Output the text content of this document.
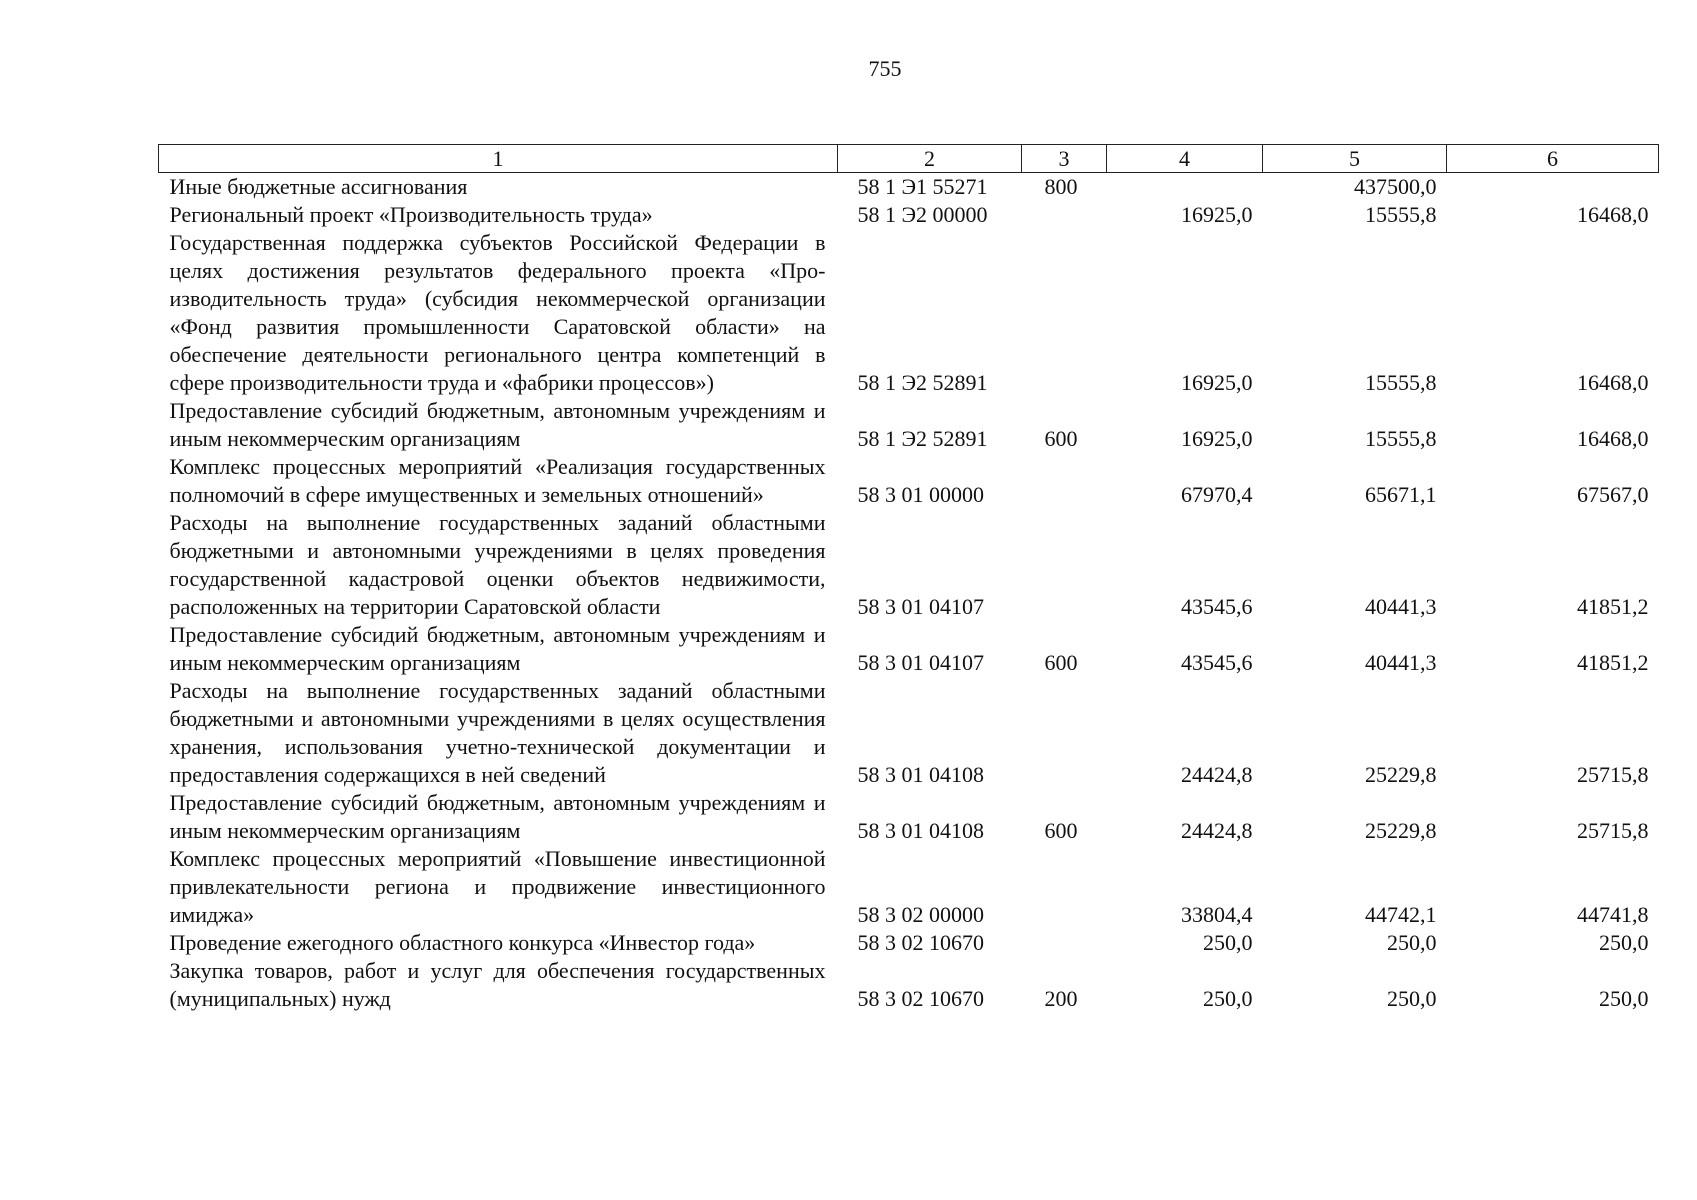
755
1	2	3	4	5	6
Иные бюджетные ассигнования	58 1 Э1 55271	800		437500,0	
Региональный проект «Производительность труда»	58 1 Э2 00000		16925,0	15555,8	16468,0
Государственная поддержка субъектов Российской Федерации в целях достижения результатов федерального проекта «Производительность труда» (субсидия некоммерческой организации «Фонд развития промышленности Саратовской области» на обеспечение деятельности регионального центра компетенций в сфере производительности труда и «фабрики процессов»)	58 1 Э2 52891		16925,0	15555,8	16468,0
Предоставление субсидий бюджетным, автономным учреждениям и иным некоммерческим организациям	58 1 Э2 52891	600	16925,0	15555,8	16468,0
Комплекс процессных мероприятий «Реализация государственных полномочий в сфере имущественных и земельных отношений»	58 3 01 00000		67970,4	65671,1	67567,0
Расходы на выполнение государственных заданий областными бюджетными и автономными учреждениями в целях проведения государственной кадастровой оценки объектов недвижимости, расположенных на территории Саратовской области	58 3 01 04107		43545,6	40441,3	41851,2
Предоставление субсидий бюджетным, автономным учреждениям и иным некоммерческим организациям	58 3 01 04107	600	43545,6	40441,3	41851,2
Расходы на выполнение государственных заданий областными бюджетными и автономными учреждениями в целях осуществления хранения, использования учетно-технической документации и предоставления содержащихся в ней сведений	58 3 01 04108		24424,8	25229,8	25715,8
Предоставление субсидий бюджетным, автономным учреждениям и иным некоммерческим организациям	58 3 01 04108	600	24424,8	25229,8	25715,8
Комплекс процессных мероприятий «Повышение инвестиционной привлекательности региона и продвижение инвестиционного имиджа»	58 3 02 00000		33804,4	44742,1	44741,8
Проведение ежегодного областного конкурса «Инвестор года»	58 3 02 10670		250,0	250,0	250,0
Закупка товаров, работ и услуг для обеспечения государственных (муниципальных) нужд	58 3 02 10670	200	250,0	250,0	250,0
